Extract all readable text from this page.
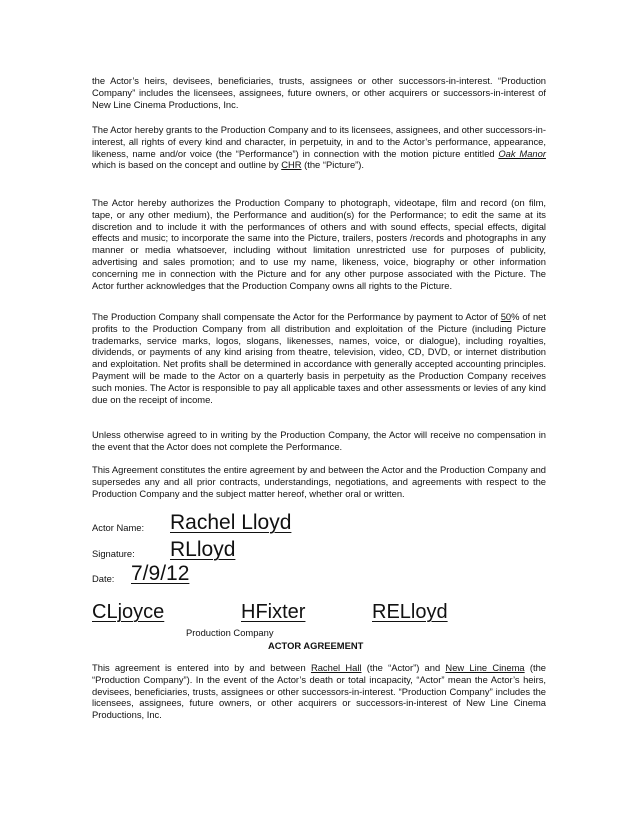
the Actor’s heirs, devisees, beneficiaries, trusts, assignees or other successors-in-interest. “Production Company” includes the licensees, assignees, future owners, or other acquirers or successors-in-interest of New Line Cinema Productions, Inc.

The Actor hereby grants to the Production Company and to its licensees, assignees, and other successors-in-interest, all rights of every kind and character, in perpetuity, in and to the Actor’s performance, appearance, likeness, name and/or voice (the “Performance”) in connection with the motion picture entitled Oak Manor which is based on the concept and outline by CHR (the “Picture”).

The Actor hereby authorizes the Production Company to photograph, videotape, film and record (on film, tape, or any other medium), the Performance and audition(s) for the Performance; to edit the same at its discretion and to include it with the performances of others and with sound effects, special effects, digital effects and music; to incorporate the same into the Picture, trailers, posters /records and photographs in any manner or media whatsoever, including without limitation unrestricted use for purposes of publicity, advertising and sales promotion; and to use my name, likeness, voice, biography or other information concerning me in connection with the Picture and for any other purpose associated with the Picture. The Actor further acknowledges that the Production Company owns all rights to the Picture.

The Production Company shall compensate the Actor for the Performance by payment to Actor of 50% of net profits to the Production Company from all distribution and exploitation of the Picture (including Picture trademarks, service marks, logos, slogans, likenesses, names, voice, or dialogue), including royalties, dividends, or payments of any kind arising from theatre, television, video, CD, DVD, or internet distribution and exploitation. Net profits shall be determined in accordance with generally accepted accounting principles. Payment will be made to the Actor on a quarterly basis in perpetuity as the Production Company receives such monies. The Actor is responsible to pay all applicable taxes and other assessments or levies of any kind due on the receipt of income.

Unless otherwise agreed to in writing by the Production Company, the Actor will receive no compensation in the event that the Actor does not complete the Performance.

This Agreement constitutes the entire agreement by and between the Actor and the Production Company and supersedes any and all prior contracts, understandings, negotiations, and agreements with respect to the Production Company and the subject matter hereof, whether oral or written.

Actor Name: Rachel Lloyd
Signature: RLloyd
Date: 7/9/12
CLjoyce	HFixter	RELloyd
Production Company
ACTOR AGREEMENT

This agreement is entered into by and between Rachel Hall (the “Actor”) and New Line Cinema (the “Production Company”). In the event of the Actor’s death or total incapacity, “Actor” mean the Actor’s heirs, devisees, beneficiaries, trusts, assignees or other successors-in-interest. “Production Company” includes the licensees, assignees, future owners, or other acquirers or successors-in-interest of New Line Cinema Productions, Inc.
